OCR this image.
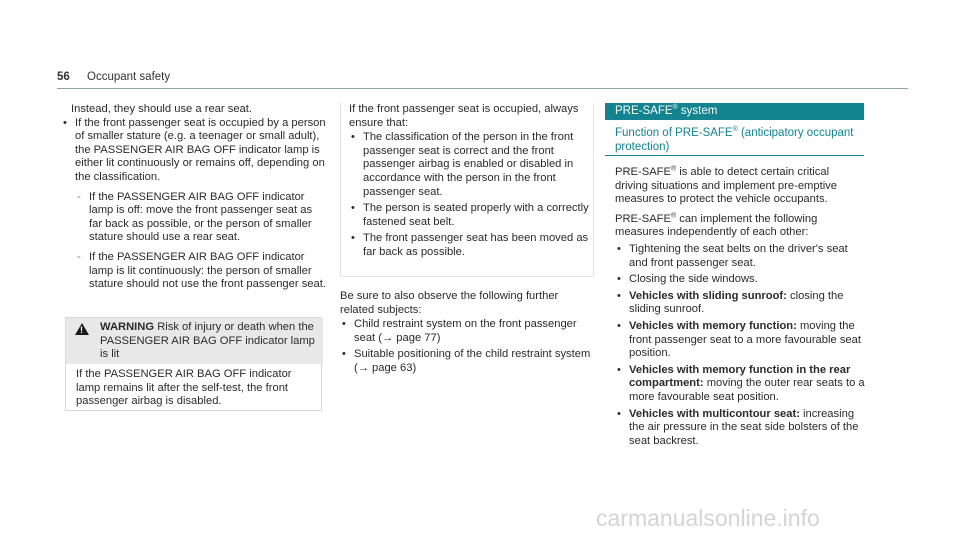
56 Occupant safety

Instead, they should use a rear seat.

• If the front passenger seat is occupied by a person of smaller stature (e.g. a teenager or small adult), the PASSENGER AIR BAG OFF indicator lamp is either lit continuously or remains off, depending on the classification.

- If the PASSENGER AIR BAG OFF indicator lamp is off: move the front passenger seat as far back as possible, or the person of smaller stature should use a rear seat.

- If the PASSENGER AIR BAG OFF indicator lamp is lit continuously: the person of smaller stature should not use the front passenger seat.

! WARNING Risk of injury or death when the PASSENGER AIR BAG OFF indicator lamp is lit

If the PASSENGER AIR BAG OFF indicator lamp remains lit after the self-test, the front passenger airbag is disabled.

If the front passenger seat is occupied, always ensure that:

• The classification of the person in the front passenger seat is correct and the front passenger airbag is enabled or disabled in accordance with the person in the front passenger seat.

• The person is seated properly with a correctly fastened seat belt.

• The front passenger seat has been moved as far back as possible.

Be sure to also observe the following further related subjects:

• Child restraint system on the front passenger seat (→ page 77)

• Suitable positioning of the child restraint system (→ page 63)

PRE-SAFE® system
Function of PRE-SAFE® (anticipatory occupant protection)

PRE-SAFE® is able to detect certain critical driving situations and implement pre-emptive measures to protect the vehicle occupants.

PRE-SAFE® can implement the following measures independently of each other:

• Tightening the seat belts on the driver's seat and front passenger seat.

• Closing the side windows.

• Vehicles with sliding sunroof: closing the sliding sunroof.

• Vehicles with memory function: moving the front passenger seat to a more favourable seat position.

• Vehicles with memory function in the rear compartment: moving the outer rear seats to a more favourable seat position.

• Vehicles with multicontour seat: increasing the air pressure in the seat side bolsters of the seat backrest.

carmanualsonline.info
